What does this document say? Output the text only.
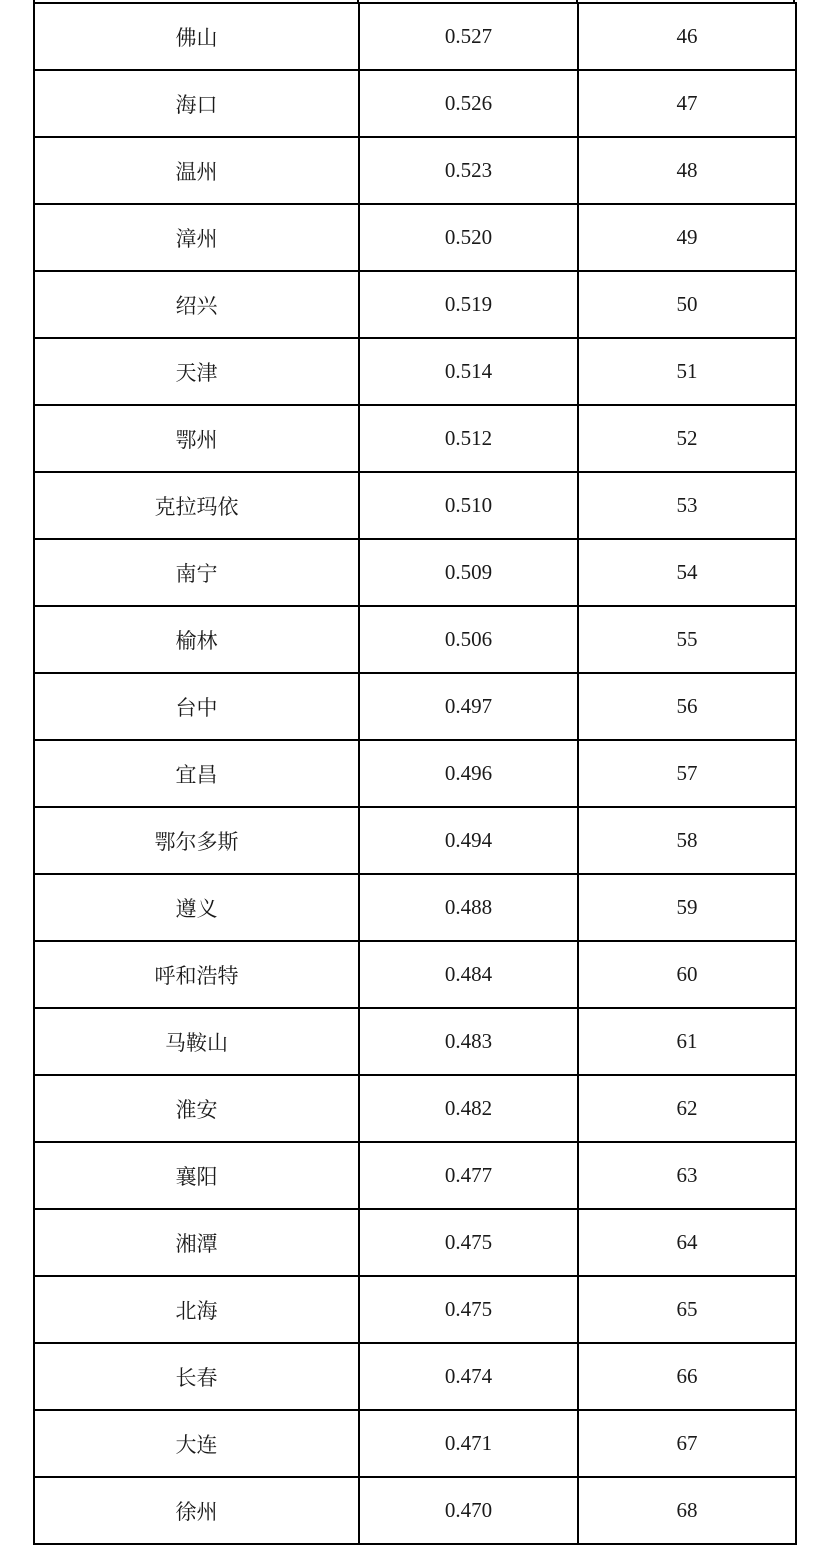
佛山	0.527	46
海口	0.526	47
温州	0.523	48
漳州	0.520	49
绍兴	0.519	50
天津	0.514	51
鄂州	0.512	52
克拉玛依	0.510	53
南宁	0.509	54
榆林	0.506	55
台中	0.497	56
宜昌	0.496	57
鄂尔多斯	0.494	58
遵义	0.488	59
呼和浩特	0.484	60
马鞍山	0.483	61
淮安	0.482	62
襄阳	0.477	63
湘潭	0.475	64
北海	0.475	65
长春	0.474	66
大连	0.471	67
徐州	0.470	68
